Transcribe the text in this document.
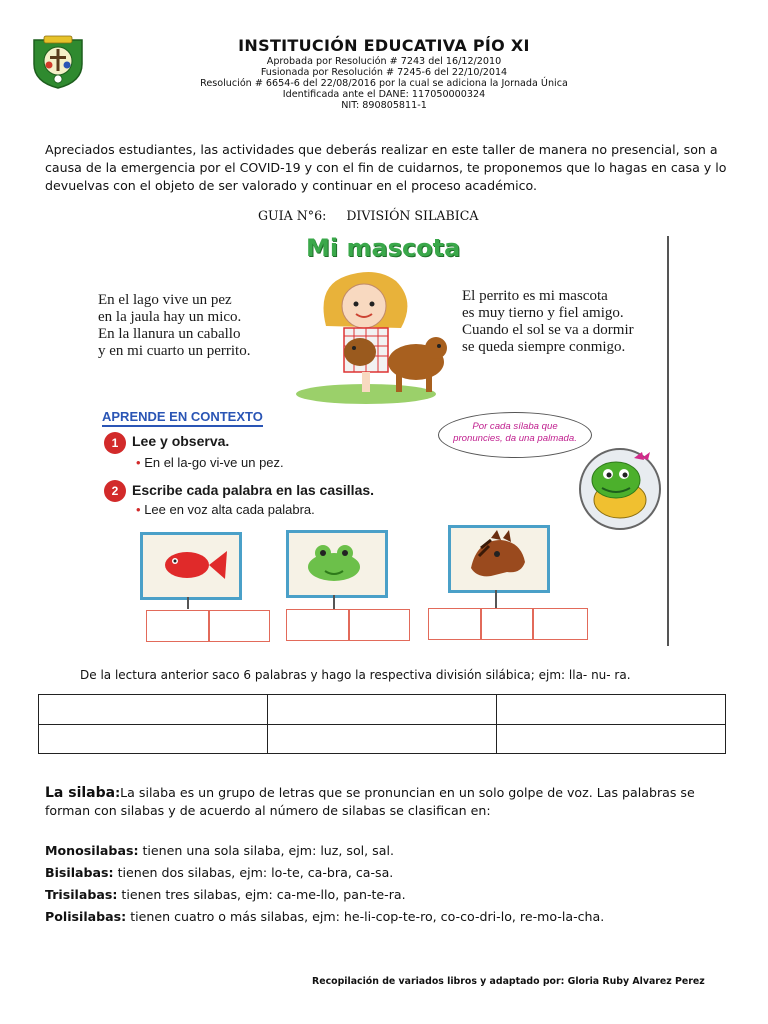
INSTITUCIÓN EDUCATIVA PÍO XI
Aprobada por Resolución # 7243 del 16/12/2010
Fusionada por Resolución # 7245-6 del 22/10/2014
Resolución # 6654-6 del 22/08/2016 por la cual se adiciona la Jornada Única
Identificada ante el DANE: 117050000324
NIT: 890805811-1
Apreciados estudiantes, las actividades que deberás realizar en este taller de manera no presencial, son a causa de la emergencia por el COVID-19 y con el fin de cuidarnos, te proponemos que lo hagas en casa y lo devuelvas con el objeto de ser valorado y continuar en el proceso académico.
GUIA N°6: DIVISIÓN SILABICA
Mi mascota
En el lago vive un pez
en la jaula hay un mico.
En la llanura un caballo
y en mi cuarto un perrito.
El perrito es mi mascota
es muy tierno y fiel amigo.
Cuando el sol se va a dormir
se queda siempre conmigo.
APRENDE EN CONTEXTO
1 Lee y observa.
• En el la-go vi-ve un pez.
2 Escribe cada palabra en las casillas.
• Lee en voz alta cada palabra.
Por cada sílaba que pronuncies, da una palmada.
De la lectura anterior saco 6 palabras y hago la respectiva división silábica; ejm: lla- nu- ra.

La silaba:La silaba es un grupo de letras que se pronuncian en un solo golpe de voz. Las palabras se forman con silabas y de acuerdo al número de silabas se clasifican en:
Monosilabas: tienen una sola silaba, ejm: luz, sol, sal.
Bisilabas: tienen dos silabas, ejm: lo-te, ca-bra, ca-sa.
Trisilabas: tienen tres silabas, ejm: ca-me-llo, pan-te-ra.
Polisilabas: tienen cuatro o más silabas, ejm: he-li-cop-te-ro, co-co-dri-lo, re-mo-la-cha.
Recopilación de variados libros y adaptado por: Gloria Ruby Alvarez Perez
